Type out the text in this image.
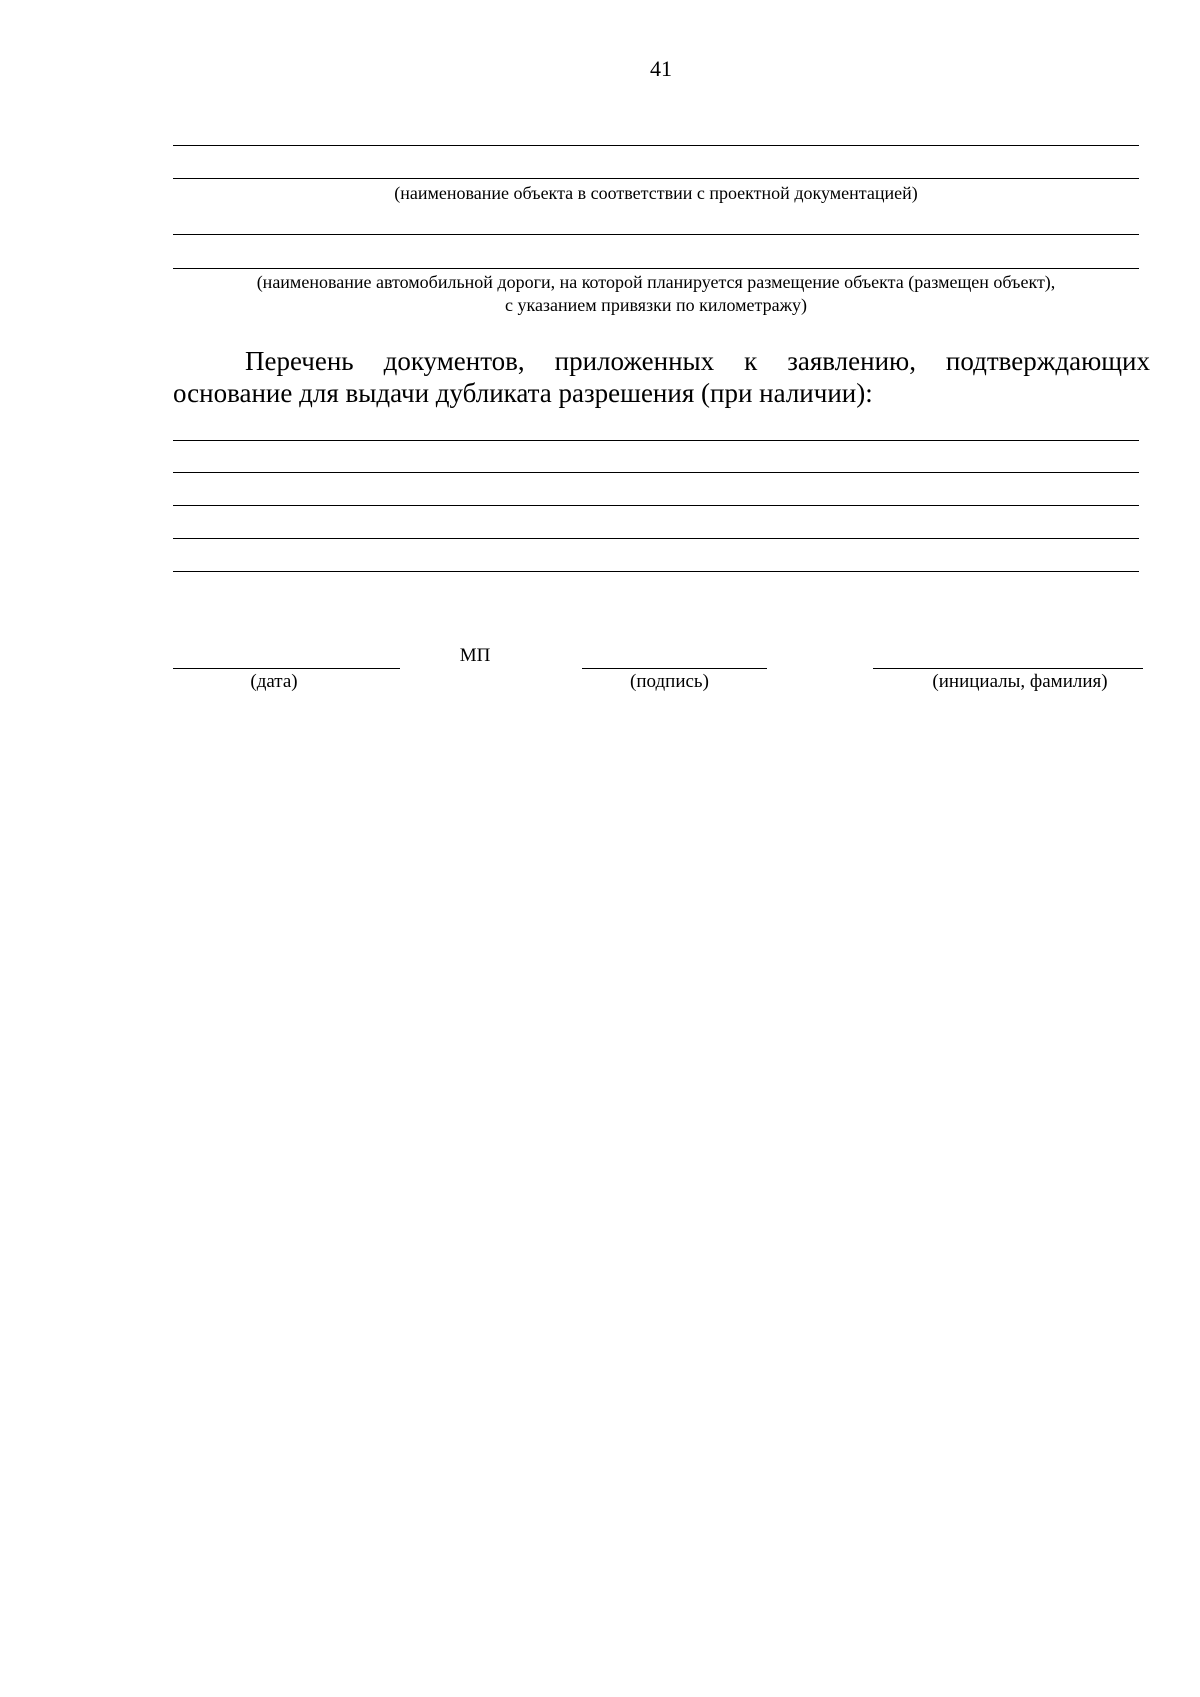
41
(наименование объекта в соответствии с проектной документацией)
(наименование автомобильной дороги, на которой планируется размещение объекта (размещен объект),
с указанием привязки по километражу)
Перечень документов, приложенных к заявлению, подтверждающих основание для выдачи дубликата разрешения (при наличии):
МП
(дата)	(подпись)	(инициалы, фамилия)
